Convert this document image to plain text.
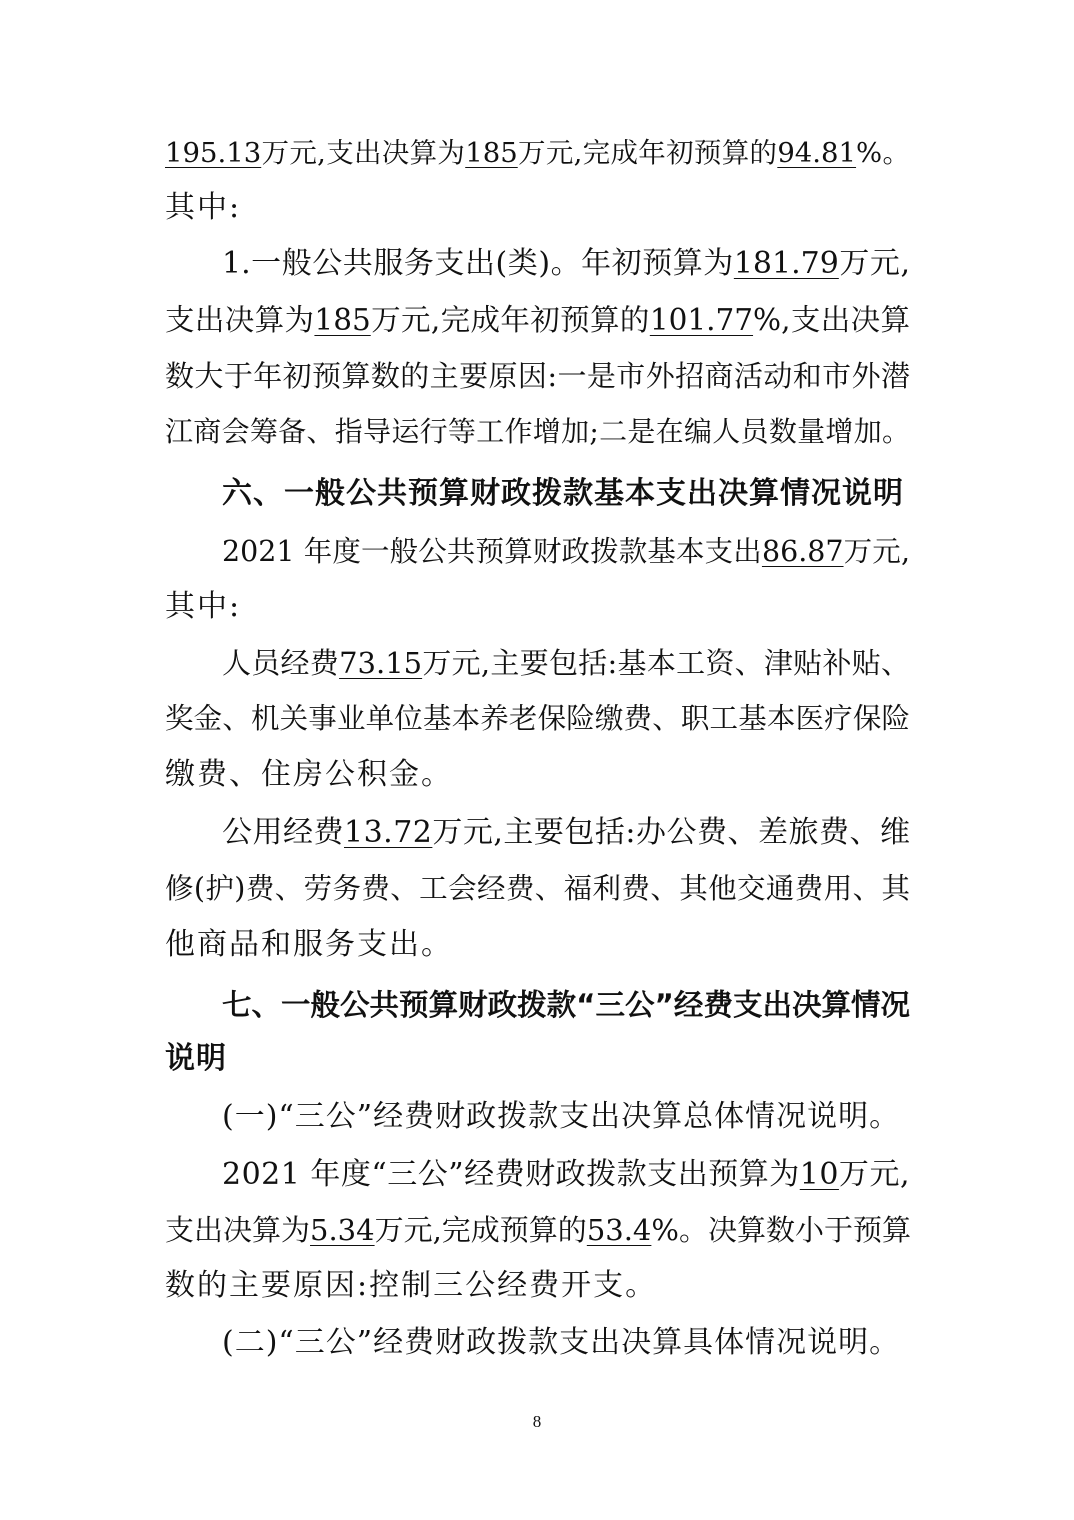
195.13万元,支出决算为185万元,完成年初预算的94.81%。
其中:
1.一般公共服务支出(类)。年初预算为181.79万元,
支出决算为185万元,完成年初预算的101.77%,支出决算
数大于年初预算数的主要原因:一是市外招商活动和市外潜
江商会筹备、指导运行等工作增加;二是在编人员数量增加。
六、一般公共预算财政拨款基本支出决算情况说明
2021 年度一般公共预算财政拨款基本支出86.87万元,
其中:
人员经费73.15万元,主要包括:基本工资、津贴补贴、
奖金、机关事业单位基本养老保险缴费、职工基本医疗保险
缴费、住房公积金。
公用经费13.72万元,主要包括:办公费、差旅费、维
修(护)费、劳务费、工会经费、福利费、其他交通费用、其
他商品和服务支出。
七、一般公共预算财政拨款“三公”经费支出决算情况
说明
(一)“三公”经费财政拨款支出决算总体情况说明。
2021 年度“三公”经费财政拨款支出预算为10万元,
支出决算为5.34万元,完成预算的53.4%。决算数小于预算
数的主要原因:控制三公经费开支。
(二)“三公”经费财政拨款支出决算具体情况说明。
8
